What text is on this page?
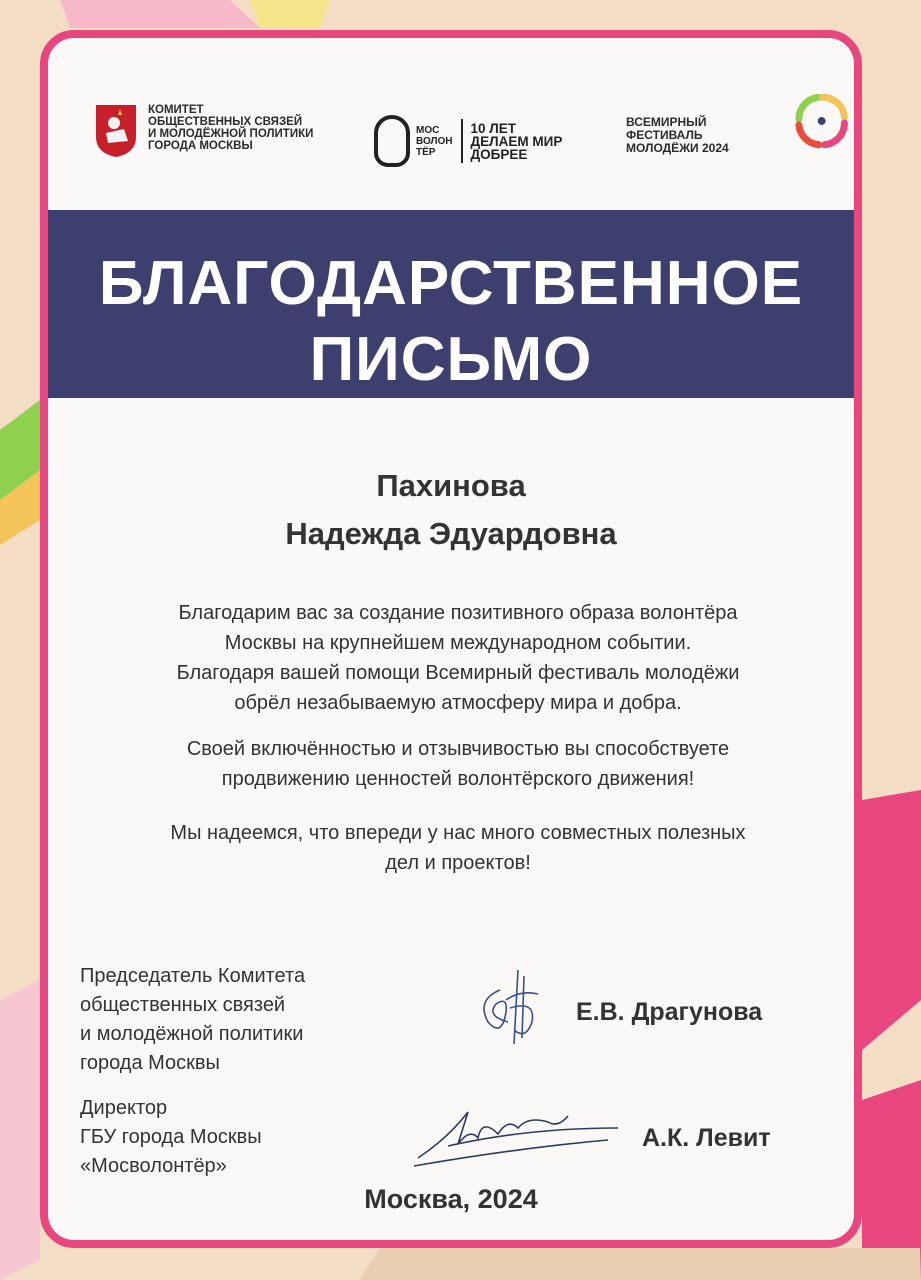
КОМИТЕТ
ОБЩЕСТВЕННЫХ СВЯЗЕЙ
И МОЛОДЁЖНОЙ ПОЛИТИКИ
ГОРОДА МОСКВЫ
МОС
ВОЛОН
ТЁР
10 ЛЕТ
ДЕЛАЕМ МИР
ДОБРЕЕ
ВСЕМИРНЫЙ ФЕСТИВАЛЬ
МОЛОДЁЖИ 2024
БЛАГОДАРСТВЕННОЕ
ПИСЬМО
Пахинова
Надежда Эдуардовна
Благодарим вас за создание позитивного образа волонтёра
Москвы на крупнейшем международном событии.
Благодаря вашей помощи Всемирный фестиваль молодёжи
обрёл незабываемую атмосферу мира и добра.
Своей включённостью и отзывчивостью вы способствуете
продвижению ценностей волонтёрского движения!
Мы надеемся, что впереди у нас много совместных полезных
дел и проектов!
Председатель Комитета
общественных связей
и молодёжной политики
города Москвы
Е.В. Драгунова
Директор
ГБУ города Москвы
«Мосволонтёр»
А.К. Левит
Москва, 2024
